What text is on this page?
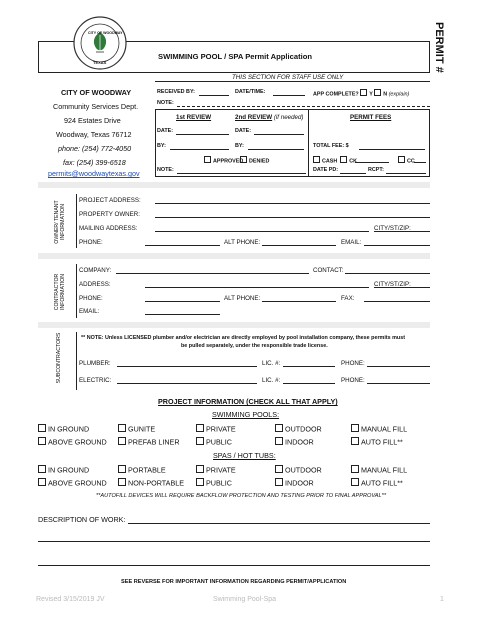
CITY OF WOODWAY
TEXAS
SWIMMING POOL / SPA Permit Application	PERMIT #
THIS SECTION FOR STAFF USE ONLY
RECEIVED BY:	DATE/TIME:	APP COMPLETE? Y N (explain)
NOTE:
1st REVIEW	2nd REVIEW (if needed)	PERMIT FEES
DATE:	DATE:
BY:	BY:	TOTAL FEE: $
APPROVED	DENIED	CASH CK	CC
NOTE:	DATE PD:	RCPT:
CITY OF WOODWAY
Community Services Dept.
924 Estates Drive
Woodway, Texas 76712
phone: (254) 772-4050
fax: (254) 399-6518
permits@woodwaytexas.gov
OWNER/ TENANT INFORMATION
PROJECT ADDRESS:
PROPERTY OWNER:
MAILING ADDRESS:	CITY/ST/ZIP:
PHONE:	ALT PHONE:	EMAIL:
CONTRACTOR INFORMATION
COMPANY:	CONTACT:
ADDRESS:	CITY/ST/ZIP:
PHONE:	ALT PHONE:	FAX:
EMAIL:
SUBCONTRACTORS	** NOTE: Unless LICENSED plumber and/or electrician are directly employed by pool installation company, these permits must
be pulled separately, under the responsible trade license.
PLUMBER:	LIC. #:	PHONE:
ELECTRIC:	LIC. #:	PHONE:
PROJECT INFORMATION (CHECK ALL THAT APPLY)
SWIMMING POOLS:
IN GROUND	GUNITE	PRIVATE	OUTDOOR	MANUAL FILL
ABOVE GROUND	PREFAB LINER	PUBLIC	INDOOR	AUTO FILL**
IN GROUND	PORTABLE	PRIVATE	OUTDOOR	MANUAL FILL
ABOVE GROUND	NON-PORTABLE	PUBLIC	INDOOR	AUTO FILL**
SPAS / HOT TUBS:
**AUTOFILL DEVICES WILL REQUIRE BACKFLOW PROTECTION AND TESTING PRIOR TO FINAL APPROVAL**
DESCRIPTION OF WORK:
SEE REVERSE FOR IMPORTANT INFORMATION REGARDING PERMIT/APPLICATION
Revised 3/15/2019 JV	Swimming Pool-Spa	1
